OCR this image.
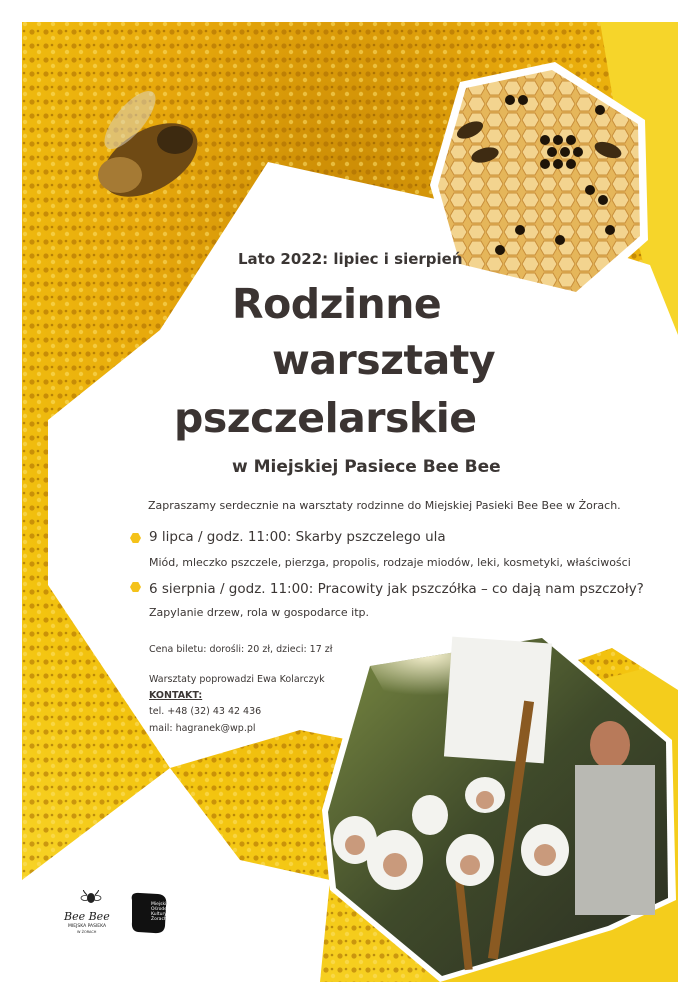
Lato 2022: lipiec i sierpień
Rodzinne
warsztaty
pszczelarskie
w Miejskiej Pasiece Bee Bee
Zapraszamy serdecznie na warsztaty rodzinne do Miejskiej Pasieki Bee Bee w Żorach.
9 lipca / godz. 11:00: Skarby pszczelego ula
Miód, mleczko pszczele, pierzga, propolis, rodzaje miodów, leki, kosmetyki, właściwości
6 sierpnia / godz. 11:00: Pracowity jak pszczółka – co dają nam pszczoły?
Zapylanie drzew, rola w gospodarce itp.
Cena biletu: dorośli: 20 zł, dzieci: 17 zł
Warsztaty poprowadzi Ewa Kolarczyk
KONTAKT:
tel. +48 (32) 43 42 436
mail: hagranek@wp.pl
Bee Bee
MIEJSKA PASIEKA
W ŻORACH
Miejski Ośrodek Kultury w Żorach
